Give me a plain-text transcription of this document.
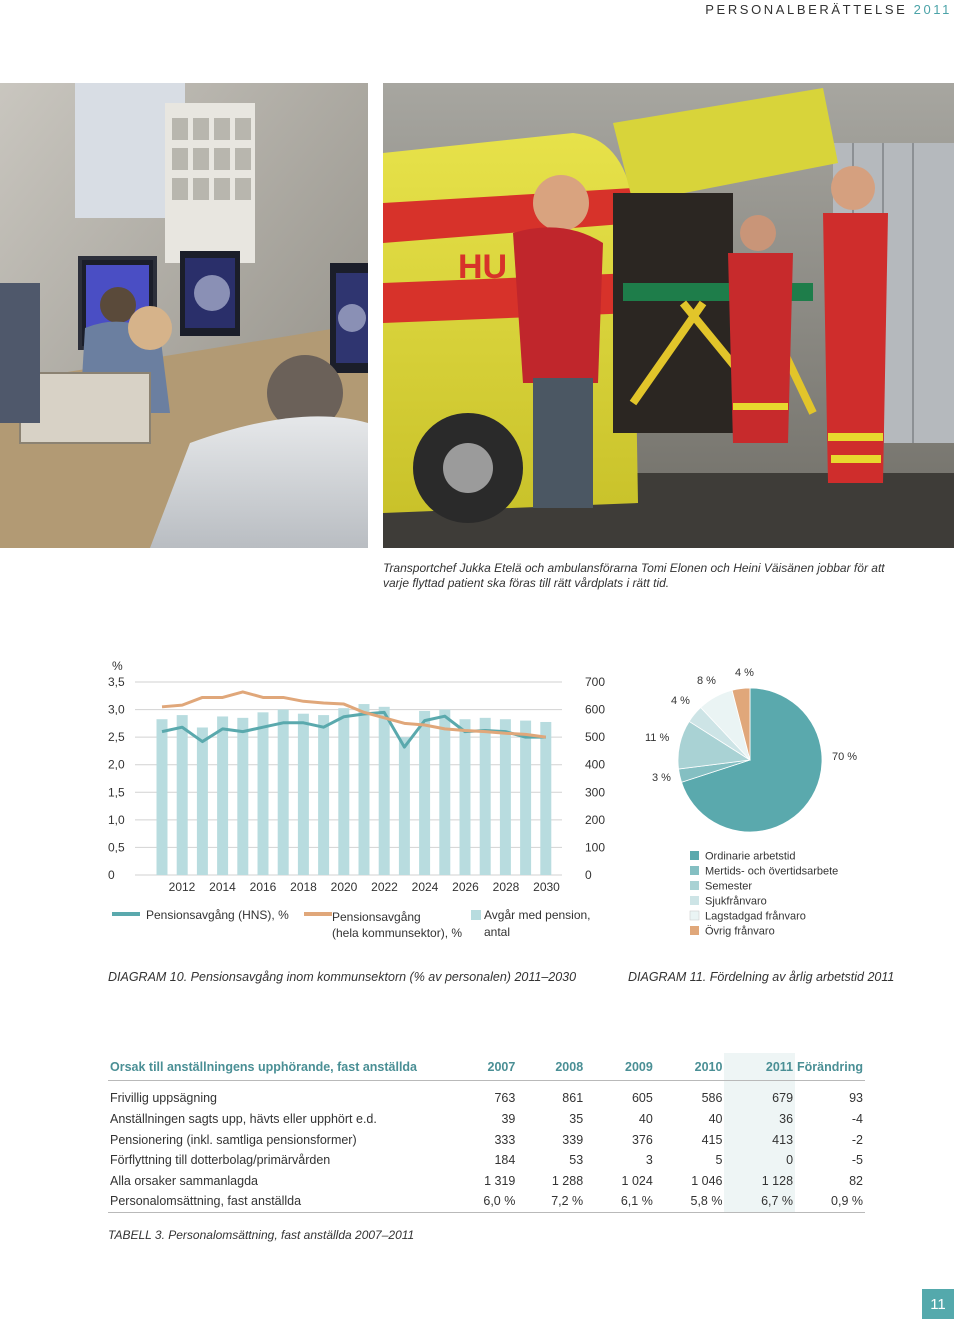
PERSONALBERÄTTELSE 2011
HU
Transportchef Jukka Etelä och ambulansförarna Tomi Elonen och Heini Väisänen jobbar för att varje flyttad patient ska föras till rätt vårdplats i rätt tid.
%
3,5
3,0
2,5
2,0
1,5
1,0
0,5
0
700
600
500
400
300
200
100
0
2012 2014 2016 2018 2020 2022 2024 2026 2028 2030
Pensionsavgång (HNS), %	Pensionsavgång
(hela kommunsektor), %
Avgår med pension,
antal
70 %
3 %
11 %
4 %
8 %
4 %
Ordinarie arbetstid
Mertids- och övertidsarbete
Semester
Sjukfrånvaro
Lagstadgad frånvaro
Övrig frånvaro
DIAGRAM 10. Pensionsavgång inom kommunsektorn (% av personalen) 2011–2030	DIAGRAM 11. Fördelning av årlig arbetstid 2011
Orsak till anställningens upphörande, fast anställda	2007	2008	2009	2010	2011	Förändring
Frivillig uppsägning	763	861	605	586	679	93
Anställningen sagts upp, hävts eller upphört e.d.	39	35	40	40	36	-4
Pensionering (inkl. samtliga pensionsformer)	333	339	376	415	413	-2
Förflyttning till dotterbolag/primärvården	184	53	3	5	0	-5
Alla orsaker sammanlagda	1 319	1 288	1 024	1 046	1 128	82
Personalomsättning, fast anställda	6,0 %	7,2 %	6,1 %	5,8 %	6,7 %	0,9 %
TABELL 3. Personalomsättning, fast anställda 2007–2011
11
